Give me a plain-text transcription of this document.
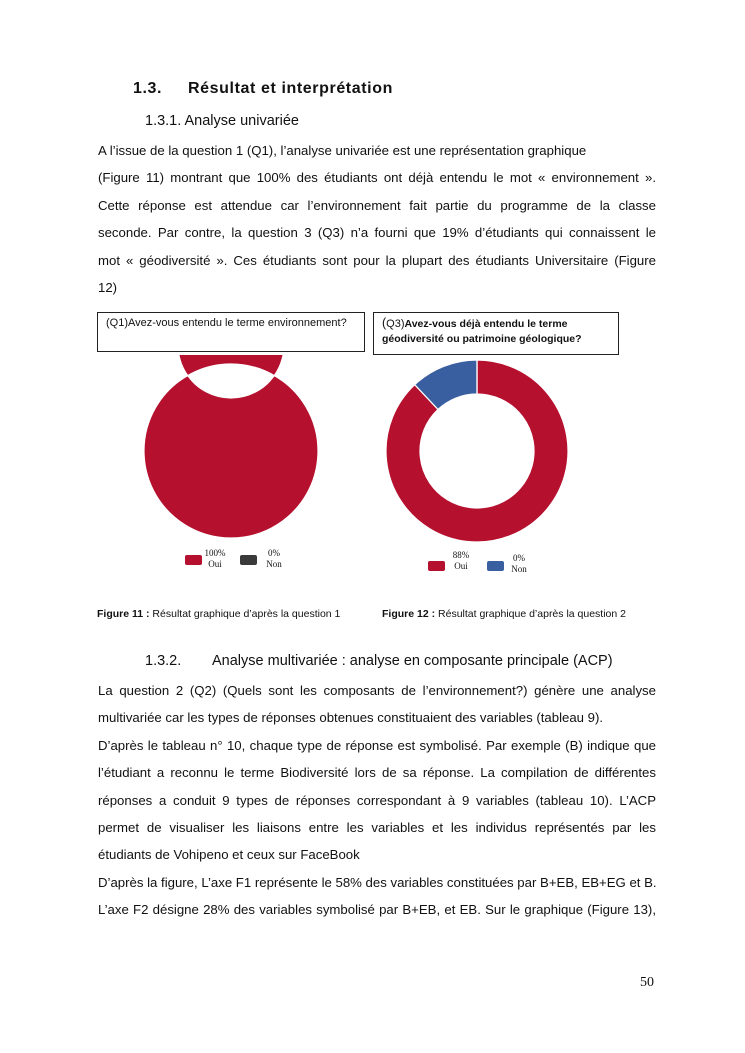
1.3. Résultat et interprétation
1.3.1. Analyse univariée
A l’issue de la question 1 (Q1), l’analyse univariée est une représentation graphique
(Figure 11) montrant que 100% des étudiants ont déjà entendu le mot « environnement ».
Cette réponse est attendue car l’environnement fait partie du programme de la classe
seconde. Par contre, la question 3 (Q3) n’a fourni que 19% d’étudiants qui connaissent le
mot « géodiversité ». Ces étudiants sont pour la plupart des étudiants Universitaire (Figure
12)
(Q1)Avez-vous entendu le terme environnement?
100%
Oui
0%
Non
(Q3)Avez-vous déjà entendu le terme géodiversité ou patrimoine géologique?
88%
Oui
0%
Non
Figure 11 : Résultat graphique d’après la question 1	Figure 12 : Résultat graphique d’après la question 2
1.3.2. Analyse multivariée : analyse en composante principale (ACP)
La question 2 (Q2) (Quels sont les composants de l’environnement?) génère une analyse
multivariée car les types de réponses obtenues constituaient des variables (tableau 9).
D’après le tableau n° 10, chaque type de réponse est symbolisé. Par exemple (B) indique que
l’étudiant a reconnu le terme Biodiversité lors de sa réponse. La compilation de différentes
réponses a conduit 9 types de réponses correspondant à 9 variables (tableau 10). L’ACP
permet de visualiser les liaisons entre les variables et les individus représentés par les
étudiants de Vohipeno et ceux sur FaceBook
D’après la figure, L’axe F1 représente le 58% des variables constituées par B+EB, EB+EG et B.
L’axe F2 désigne 28% des variables symbolisé par B+EB, et EB. Sur le graphique (Figure 13),
50
